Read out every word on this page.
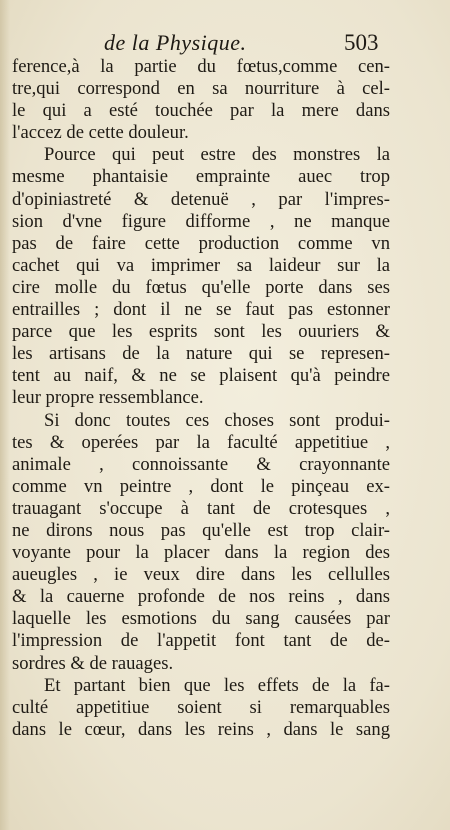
de la Physique.	503
ference,à la partie du fœtus,comme cen-
tre,qui correspond en sa nourriture à cel-
le qui a esté touchée par la mere dans
l'accez de cette douleur.
Pource qui peut estre des monstres la
mesme phantaisie emprainte auec trop
d'opiniastreté & detenuë , par l'impres-
sion d'vne figure difforme , ne manque
pas de faire cette production comme vn
cachet qui va imprimer sa laideur sur la
cire molle du fœtus qu'elle porte dans ses
entrailles ; dont il ne se faut pas estonner
parce que les esprits sont les ouuriers &
les artisans de la nature qui se represen-
tent au naif, & ne se plaisent qu'à peindre
leur propre ressemblance.
Si donc toutes ces choses sont produi-
tes & operées par la faculté appetitiue ,
animale , connoissante & crayonnante
comme vn peintre , dont le pinçeau ex-
trauagant s'occupe à tant de crotesques ,
ne dirons nous pas qu'elle est trop clair-
voyante pour la placer dans la region des
aueugles , ie veux dire dans les cellulles
& la cauerne profonde de nos reins , dans
laquelle les esmotions du sang causées par
l'impression de l'appetit font tant de de-
sordres & de rauages.
Et partant bien que les effets de la fa-
culté appetitiue soient si remarquables
dans le cœur, dans les reins , dans le sang
